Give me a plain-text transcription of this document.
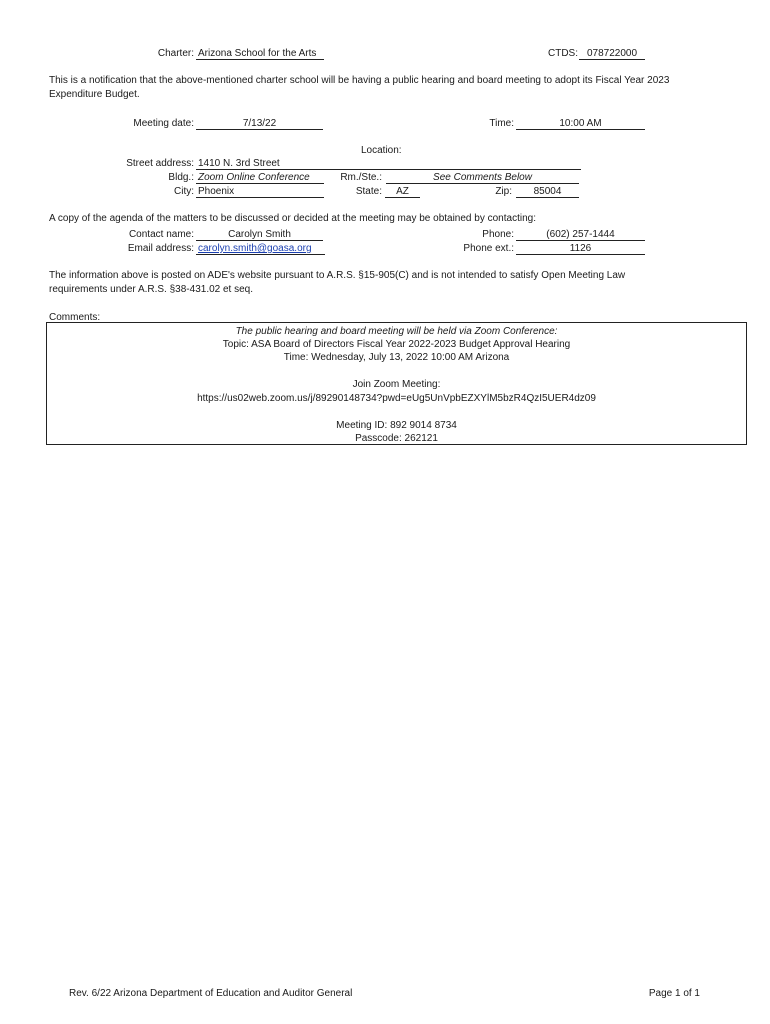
Charter: Arizona School for the Arts	CTDS: 078722000
This is a notification that the above-mentioned charter school will be having a public hearing and board meeting to adopt its Fiscal Year 2023
Expenditure Budget.
Meeting date:	7/13/22	Time:	10:00 AM
Location:
Street address: 1410 N. 3rd Street
Bldg.: Zoom Online Conference	Rm./Ste.:	See Comments Below
City: Phoenix	State:	AZ	Zip:	85004
A copy of the agenda of the matters to be discussed or decided at the meeting may be obtained by contacting:
Contact name:	Carolyn Smith	Phone:	(602) 257-1444
Email address: carolyn.smith@goasa.org	Phone ext.:	1126
The information above is posted on ADE's website pursuant to A.R.S. §15-905(C) and is not intended to satisfy Open Meeting Law
requirements under A.R.S. §38-431.02 et seq.
Comments:
The public hearing and board meeting will be held via Zoom Conference:
Topic: ASA Board of Directors Fiscal Year 2022-2023 Budget Approval Hearing
Time: Wednesday, July 13, 2022 10:00 AM Arizona
Join Zoom Meeting:
https://us02web.zoom.us/j/89290148734?pwd=eUg5UnVpbEZXYlM5bzR4QzI5UER4dz09
Meeting ID: 892 9014 8734
Passcode: 262121
Rev. 6/22 Arizona Department of Education and Auditor General	Page 1 of 1
